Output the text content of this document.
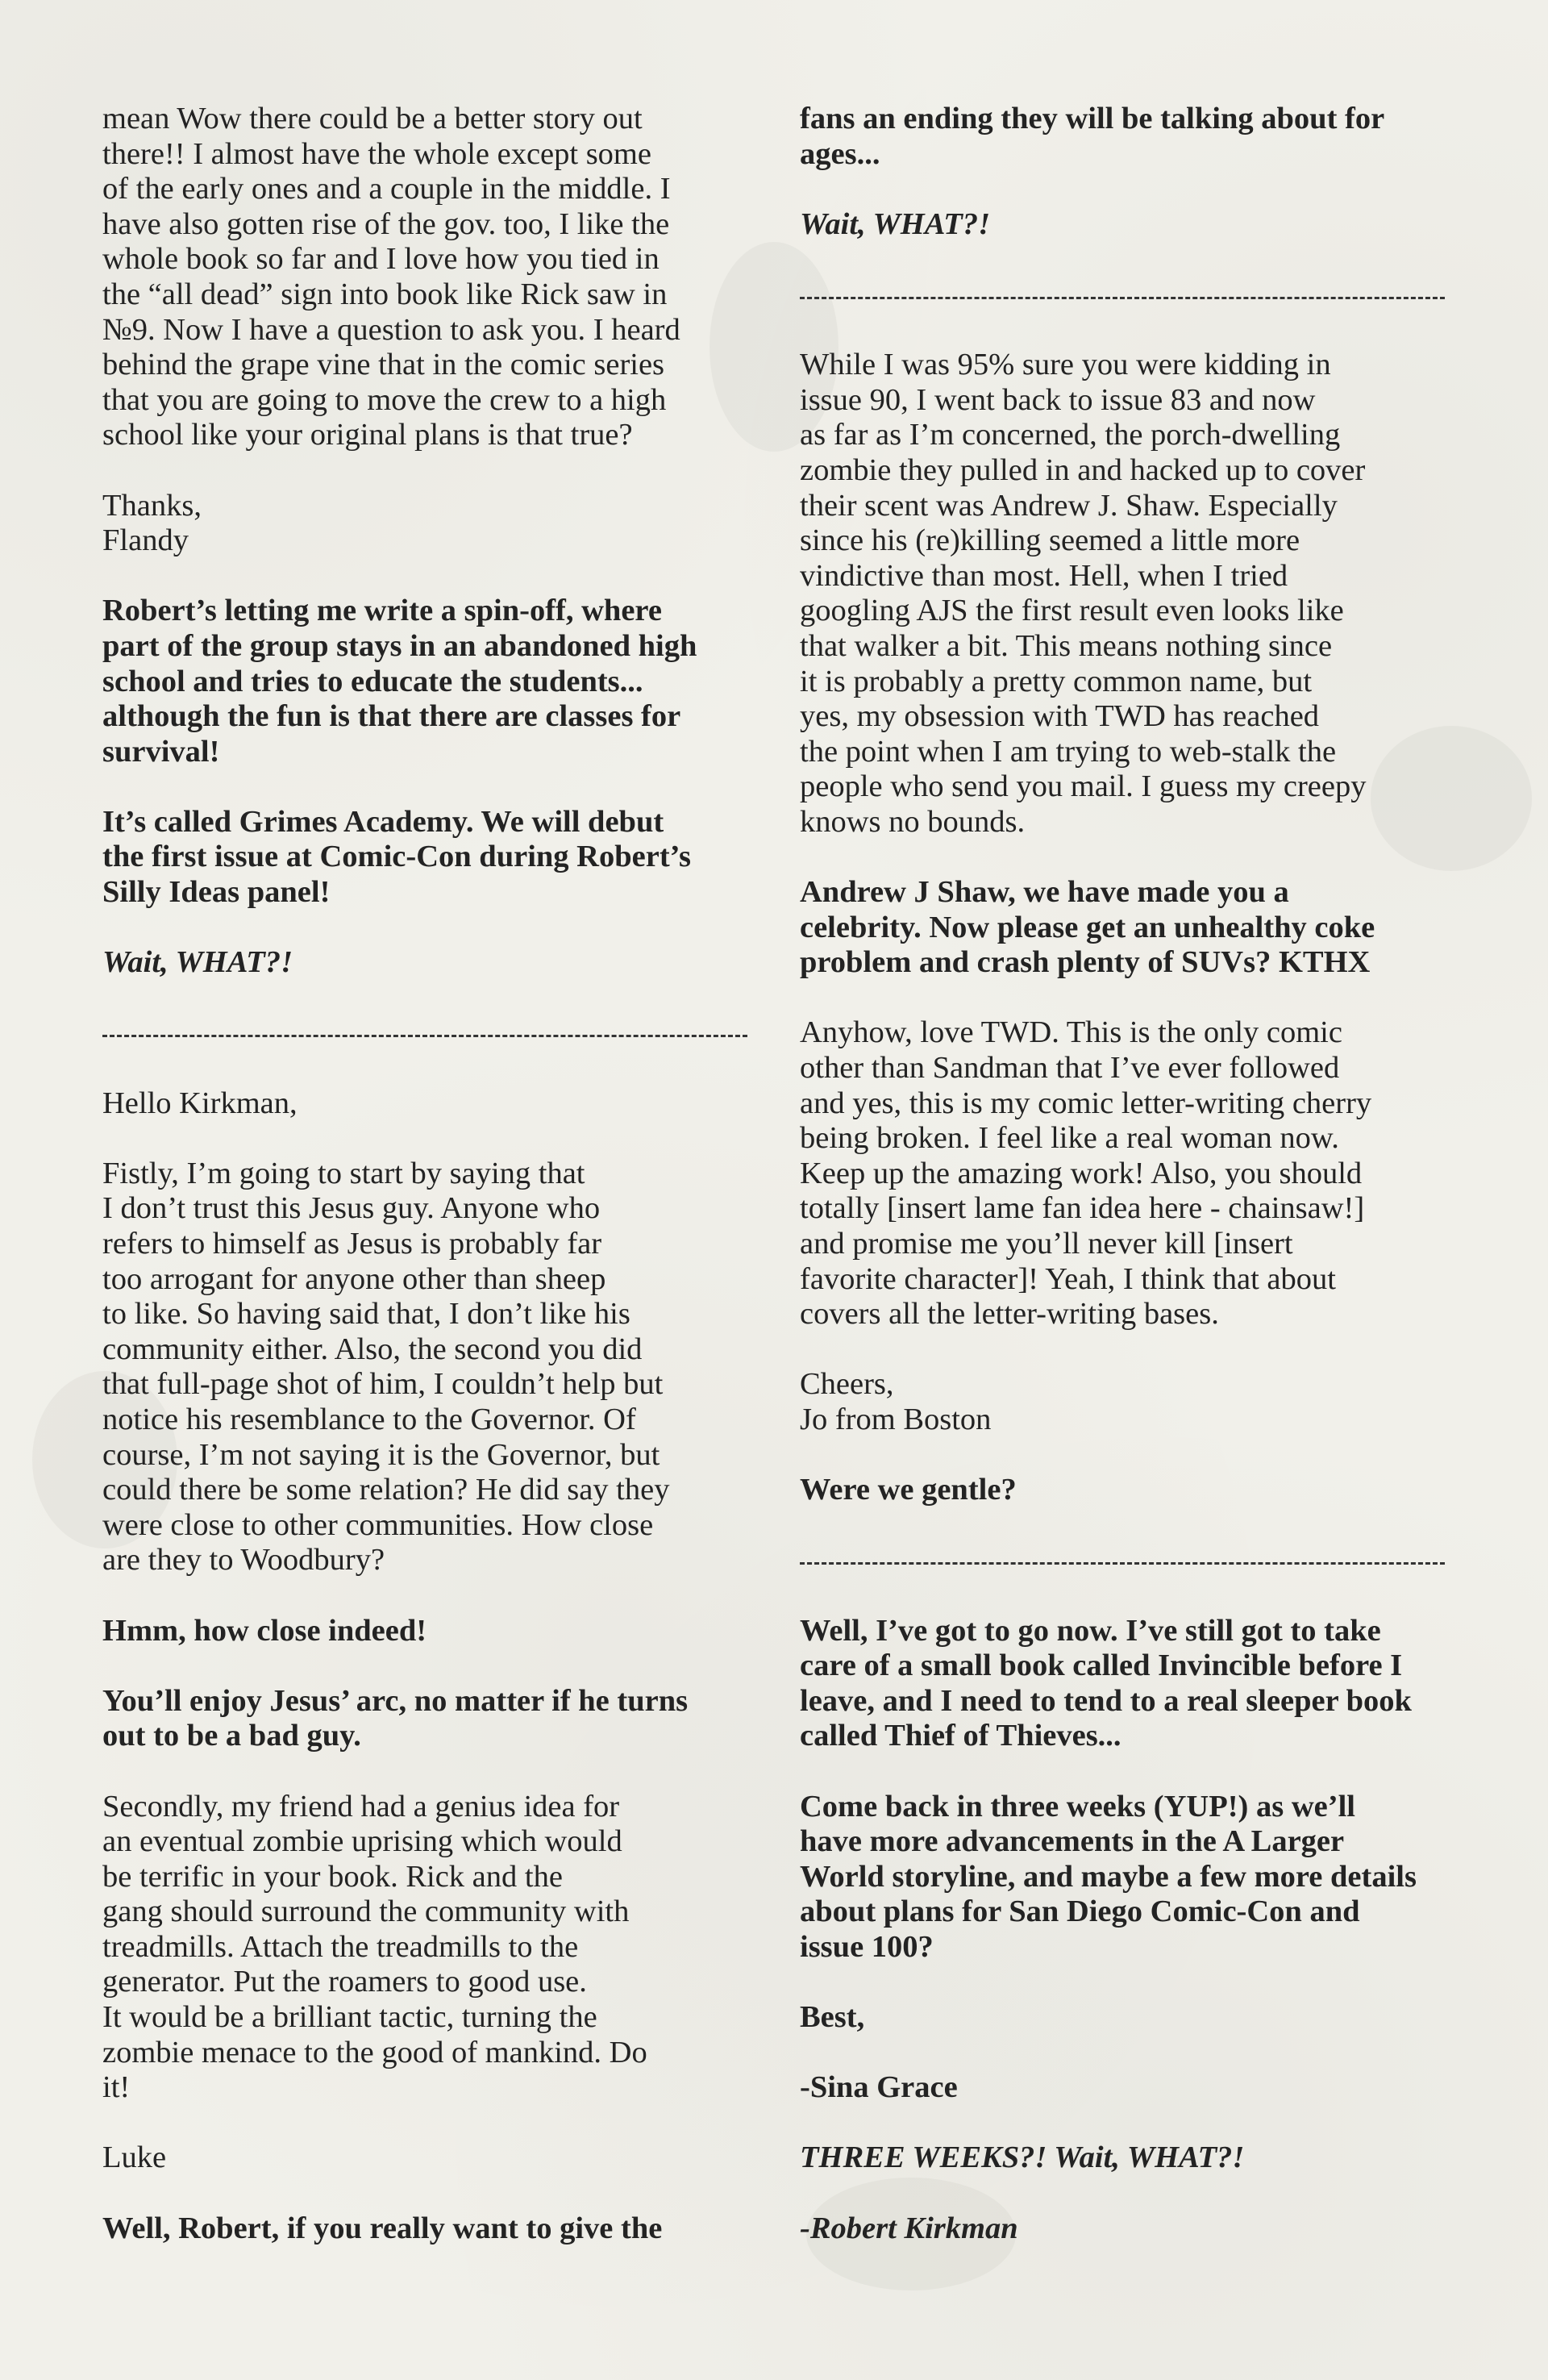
mean Wow there could be a better story out
there!! I almost have the whole except some
of the early ones and a couple in the middle. I
have also gotten rise of the gov. too, I like the
whole book so far and I love how you tied in
the “all dead” sign into book like Rick saw in
№9. Now I have a question to ask you. I heard
behind the grape vine that in the comic series
that you are going to move the crew to a high
school like your original plans is that true?

Thanks,
Flandy

Robert’s letting me write a spin-off, where
part of the group stays in an abandoned high
school and tries to educate the students...
although the fun is that there are classes for
survival!

It’s called Grimes Academy. We will debut
the first issue at Comic-Con during Robert’s
Silly Ideas panel!

Wait, WHAT?!

Hello Kirkman,

Fistly, I’m going to start by saying that
I don’t trust this Jesus guy. Anyone who
refers to himself as Jesus is probably far
too arrogant for anyone other than sheep
to like. So having said that, I don’t like his
community either. Also, the second you did
that full-page shot of him, I couldn’t help but
notice his resemblance to the Governor. Of
course, I’m not saying it is the Governor, but
could there be some relation? He did say they
were close to other communities. How close
are they to Woodbury?

Hmm, how close indeed!

You’ll enjoy Jesus’ arc, no matter if he turns
out to be a bad guy.

Secondly, my friend had a genius idea for
an eventual zombie uprising which would
be terrific in your book. Rick and the
gang should surround the community with
treadmills. Attach the treadmills to the
generator. Put the roamers to good use.
It would be a brilliant tactic, turning the
zombie menace to the good of mankind. Do
it!

Luke

Well, Robert, if you really want to give the

fans an ending they will be talking about for
ages...

Wait, WHAT?!

While I was 95% sure you were kidding in
issue 90, I went back to issue 83 and now
as far as I’m concerned, the porch-dwelling
zombie they pulled in and hacked up to cover
their scent was Andrew J. Shaw. Especially
since his (re)killing seemed a little more
vindictive than most. Hell, when I tried
googling AJS the first result even looks like
that walker a bit. This means nothing since
it is probably a pretty common name, but
yes, my obsession with TWD has reached
the point when I am trying to web-stalk the
people who send you mail. I guess my creepy
knows no bounds.

Andrew J Shaw, we have made you a
celebrity. Now please get an unhealthy coke
problem and crash plenty of SUVs? KTHX

Anyhow, love TWD. This is the only comic
other than Sandman that I’ve ever followed
and yes, this is my comic letter-writing cherry
being broken. I feel like a real woman now.
Keep up the amazing work! Also, you should
totally [insert lame fan idea here - chainsaw!]
and promise me you’ll never kill [insert
favorite character]! Yeah, I think that about
covers all the letter-writing bases.

Cheers,
Jo from Boston

Were we gentle?

Well, I’ve got to go now. I’ve still got to take
care of a small book called Invincible before I
leave, and I need to tend to a real sleeper book
called Thief of Thieves...

Come back in three weeks (YUP!) as we’ll
have more advancements in the A Larger
World storyline, and maybe a few more details
about plans for San Diego Comic-Con and
issue 100?

Best,

-Sina Grace

THREE WEEKS?! Wait, WHAT?!

-Robert Kirkman
